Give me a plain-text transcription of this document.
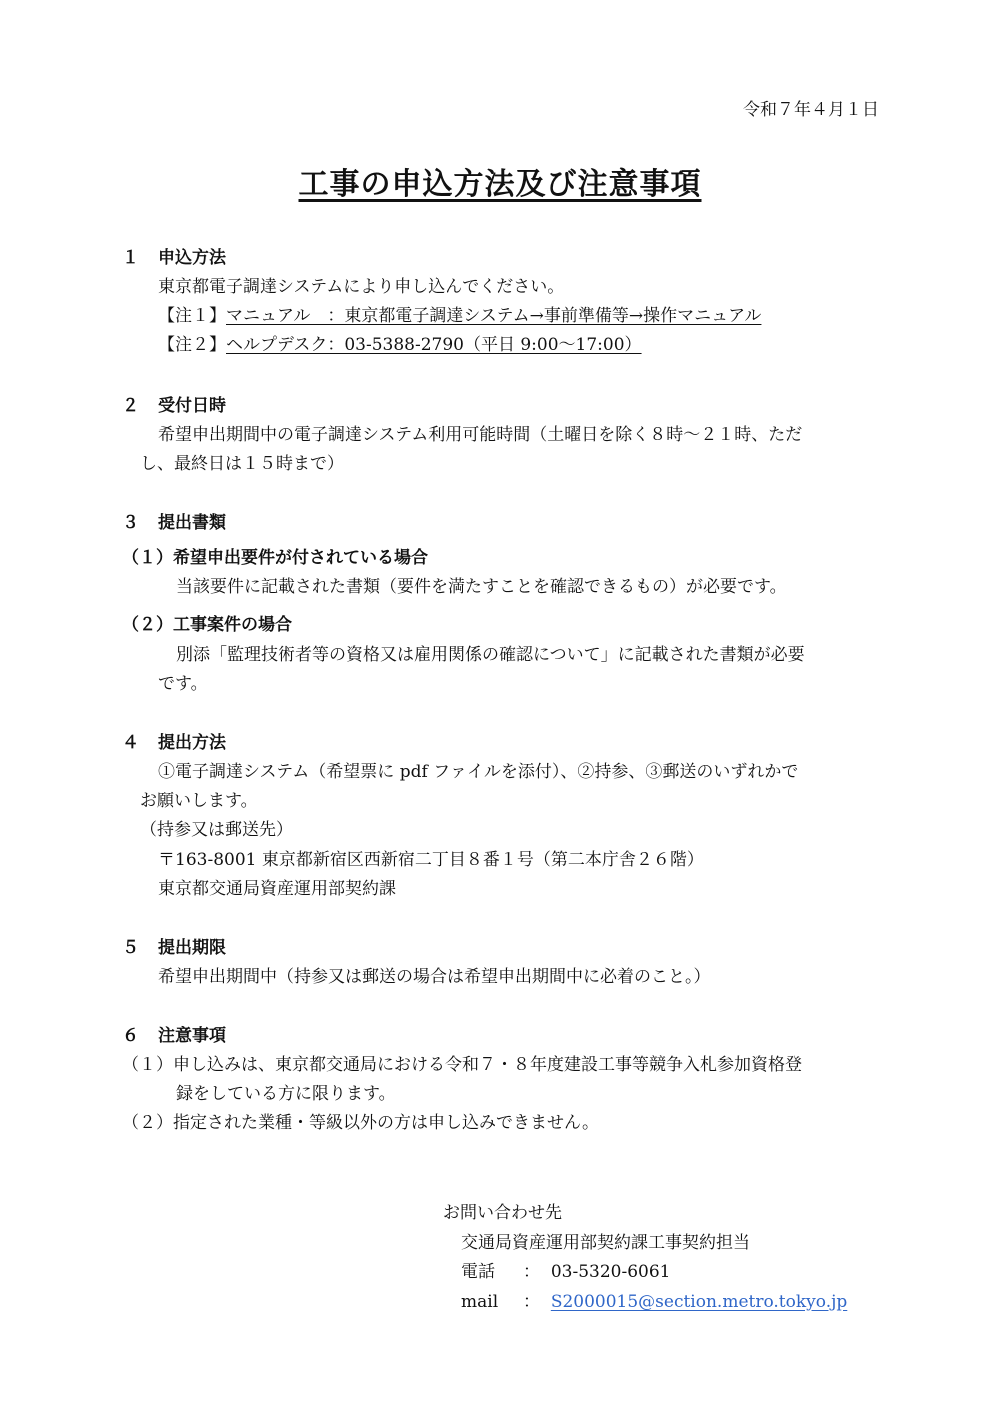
令和７年４月１日
工事の申込方法及び注意事項
１ 申込方法
東京都電子調達システムにより申し込んでください。
【注１】マニュアル　：東京都電子調達システム→事前準備等→操作マニュアル
【注２】ヘルプデスク：03-5388-2790（平日 9:00～17:00）
２ 受付日時
希望申出期間中の電子調達システム利用可能時間（土曜日を除く８時～２１時、ただ
し、最終日は１５時まで）
３ 提出書類
（１）希望申出要件が付されている場合
当該要件に記載された書類（要件を満たすことを確認できるもの）が必要です。
（２）工事案件の場合
別添「監理技術者等の資格又は雇用関係の確認について」に記載された書類が必要
です。
４ 提出方法
①電子調達システム（希望票に pdf ファイルを添付）、②持参、③郵送のいずれかで
お願いします。
（持参又は郵送先）
〒163-8001 東京都新宿区西新宿二丁目８番１号（第二本庁舎２６階）
東京都交通局資産運用部契約課
５ 提出期限
希望申出期間中（持参又は郵送の場合は希望申出期間中に必着のこと。）
６ 注意事項
（１）申し込みは、東京都交通局における令和７・８年度建設工事等競争入札参加資格登
録をしている方に限ります。
（２）指定された業種・等級以外の方は申し込みできません。
お問い合わせ先
交通局資産運用部契約課工事契約担当
電話 ： 03-5320-6061
mail ： S2000015@section.metro.tokyo.jp
